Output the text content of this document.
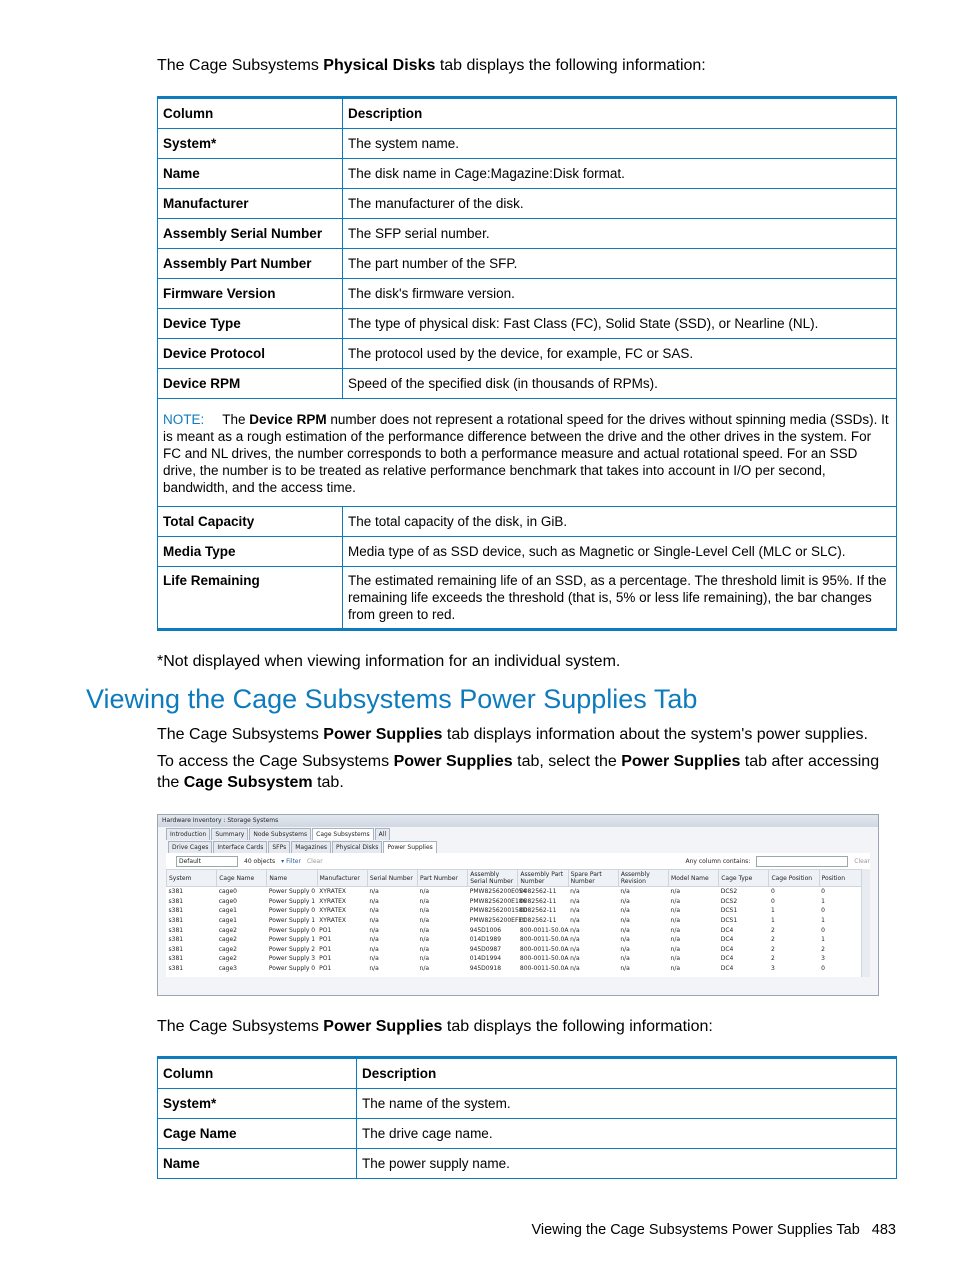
The Cage Subsystems Physical Disks tab displays the following information:

Column	Description
System*	The system name.
Name	The disk name in Cage:Magazine:Disk format.
Manufacturer	The manufacturer of the disk.
Assembly Serial Number	The SFP serial number.
Assembly Part Number	The part number of the SFP.
Firmware Version	The disk's firmware version.
Device Type	The type of physical disk: Fast Class (FC), Solid State (SSD), or Nearline (NL).
Device Protocol	The protocol used by the device, for example, FC or SAS.
Device RPM	Speed of the specified disk (in thousands of RPMs).
NOTE: The Device RPM number does not represent a rotational speed for the drives without spinning media (SSDs). It is meant as a rough estimation of the performance difference between the drive and the other drives in the system. For FC and NL drives, the number corresponds to both a performance measure and actual rotational speed. For an SSD drive, the number is to be treated as relative performance benchmark that takes into account in I/O per second, bandwidth, and the access time.	
Total Capacity	The total capacity of the disk, in GiB.
Media Type	Media type of as SSD device, such as Magnetic or Single-Level Cell (MLC or SLC).
Life Remaining	The estimated remaining life of an SSD, as a percentage. The threshold limit is 95%. If the remaining life exceeds the threshold (that is, 5% or less life remaining), the bar changes from green to red.

*Not displayed when viewing information for an individual system.

Viewing the Cage Subsystems Power Supplies Tab

The Cage Subsystems Power Supplies tab displays information about the system's power supplies.

To access the Cage Subsystems Power Supplies tab, select the Power Supplies tab after accessing the Cage Subsystem tab.

Hardware Inventory : Storage Systems
Introduction	Summary	Node Subsystems	Cage Subsystems	All
Drive Cages	Interface Cards	SFPs	Magazines	Physical Disks	Power Supplies
Default	40 objects ▾ Filter Clear	Any column contains:	Clear
System	Cage Name	Name	Manufacturer	Serial Number	Part Number	Assembly Serial Number	Assembly Part Number	Spare Part Number	Assembly Revision	Model Name	Cage Type	Cage Position	Position
s381	cage0	Power Supply 0	XYRATEX	n/a	n/a	PMW8256200E054	0082562-11	n/a	n/a	n/a	DCS2	0	0
s381	cage0	Power Supply 1	XYRATEX	n/a	n/a	PMW8256200E186	0082562-11	n/a	n/a	n/a	DCS2	0	1
s381	cage1	Power Supply 0	XYRATEX	n/a	n/a	PMW8256200158D	0082562-11	n/a	n/a	n/a	DCS1	1	0
s381	cage1	Power Supply 1	XYRATEX	n/a	n/a	PMW8256200EFEC	0082562-11	n/a	n/a	n/a	DCS1	1	1
s381	cage2	Power Supply 0	PO1	n/a	n/a	945D1006	800-0011-50.0A	n/a	n/a	n/a	DC4	2	0
s381	cage2	Power Supply 1	PO1	n/a	n/a	014D1989	800-0011-50.0A	n/a	n/a	n/a	DC4	2	1
s381	cage2	Power Supply 2	PO1	n/a	n/a	945D0987	800-0011-50.0A	n/a	n/a	n/a	DC4	2	2
s381	cage2	Power Supply 3	PO1	n/a	n/a	014D1994	800-0011-50.0A	n/a	n/a	n/a	DC4	2	3
s381	cage3	Power Supply 0	PO1	n/a	n/a	945D0918	800-0011-50.0A	n/a	n/a	n/a	DC4	3	0

The Cage Subsystems Power Supplies tab displays the following information:

Column	Description
System*	The name of the system.
Cage Name	The drive cage name.
Name	The power supply name.
Viewing the Cage Subsystems Power Supplies Tab 483
